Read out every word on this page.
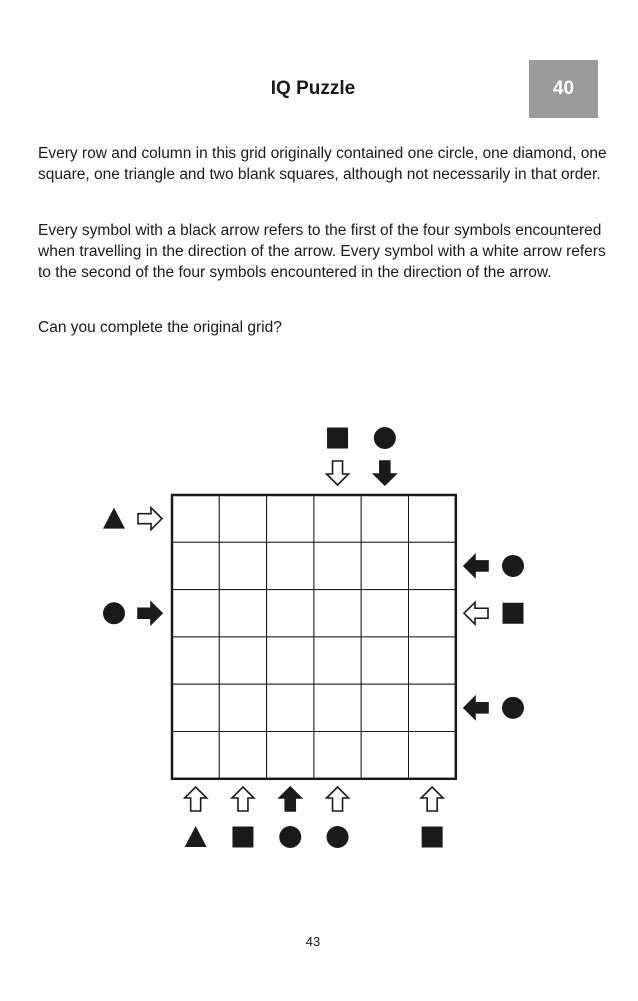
IQ Puzzle	40

Every row and column in this grid originally contained one circle, one diamond, one square, one triangle and two blank squares, although not necessarily in that order.

Every symbol with a black arrow refers to the first of the four symbols encountered when travelling in the direction of the arrow. Every symbol with a white arrow refers to the second of the four symbols encountered in the direction of the arrow.

Can you complete the original grid?

43
